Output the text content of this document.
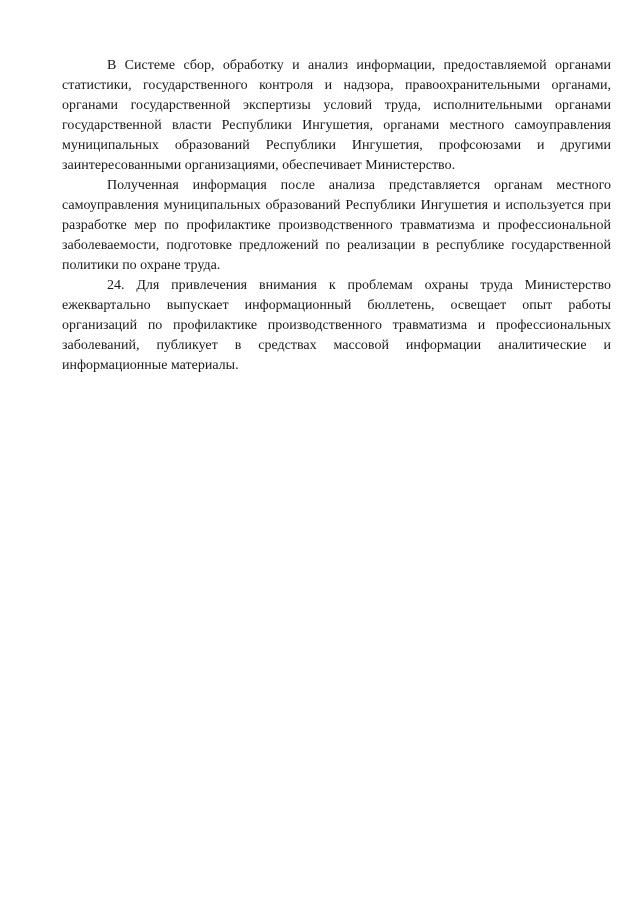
В Системе сбор, обработку и анализ информации, предоставляемой органами статистики, государственного контроля и надзора, правоохранительными органами, органами государственной экспертизы условий труда, исполнительными органами государственной власти Республики Ингушетия, органами местного самоуправления муниципальных образований Республики Ингушетия, профсоюзами и другими заинтересованными организациями, обеспечивает Министерство.

Полученная информация после анализа представляется органам местного самоуправления муниципальных образований Республики Ингушетия и используется при разработке мер по профилактике производственного травматизма и профессиональной заболеваемости, подготовке предложений по реализации в республике государственной политики по охране труда.

24. Для привлечения внимания к проблемам охраны труда Министерство ежеквартально выпускает информационный бюллетень, освещает опыт работы организаций по профилактике производственного травматизма и профессиональных заболеваний, публикует в средствах массовой информации аналитические и информационные материалы.
